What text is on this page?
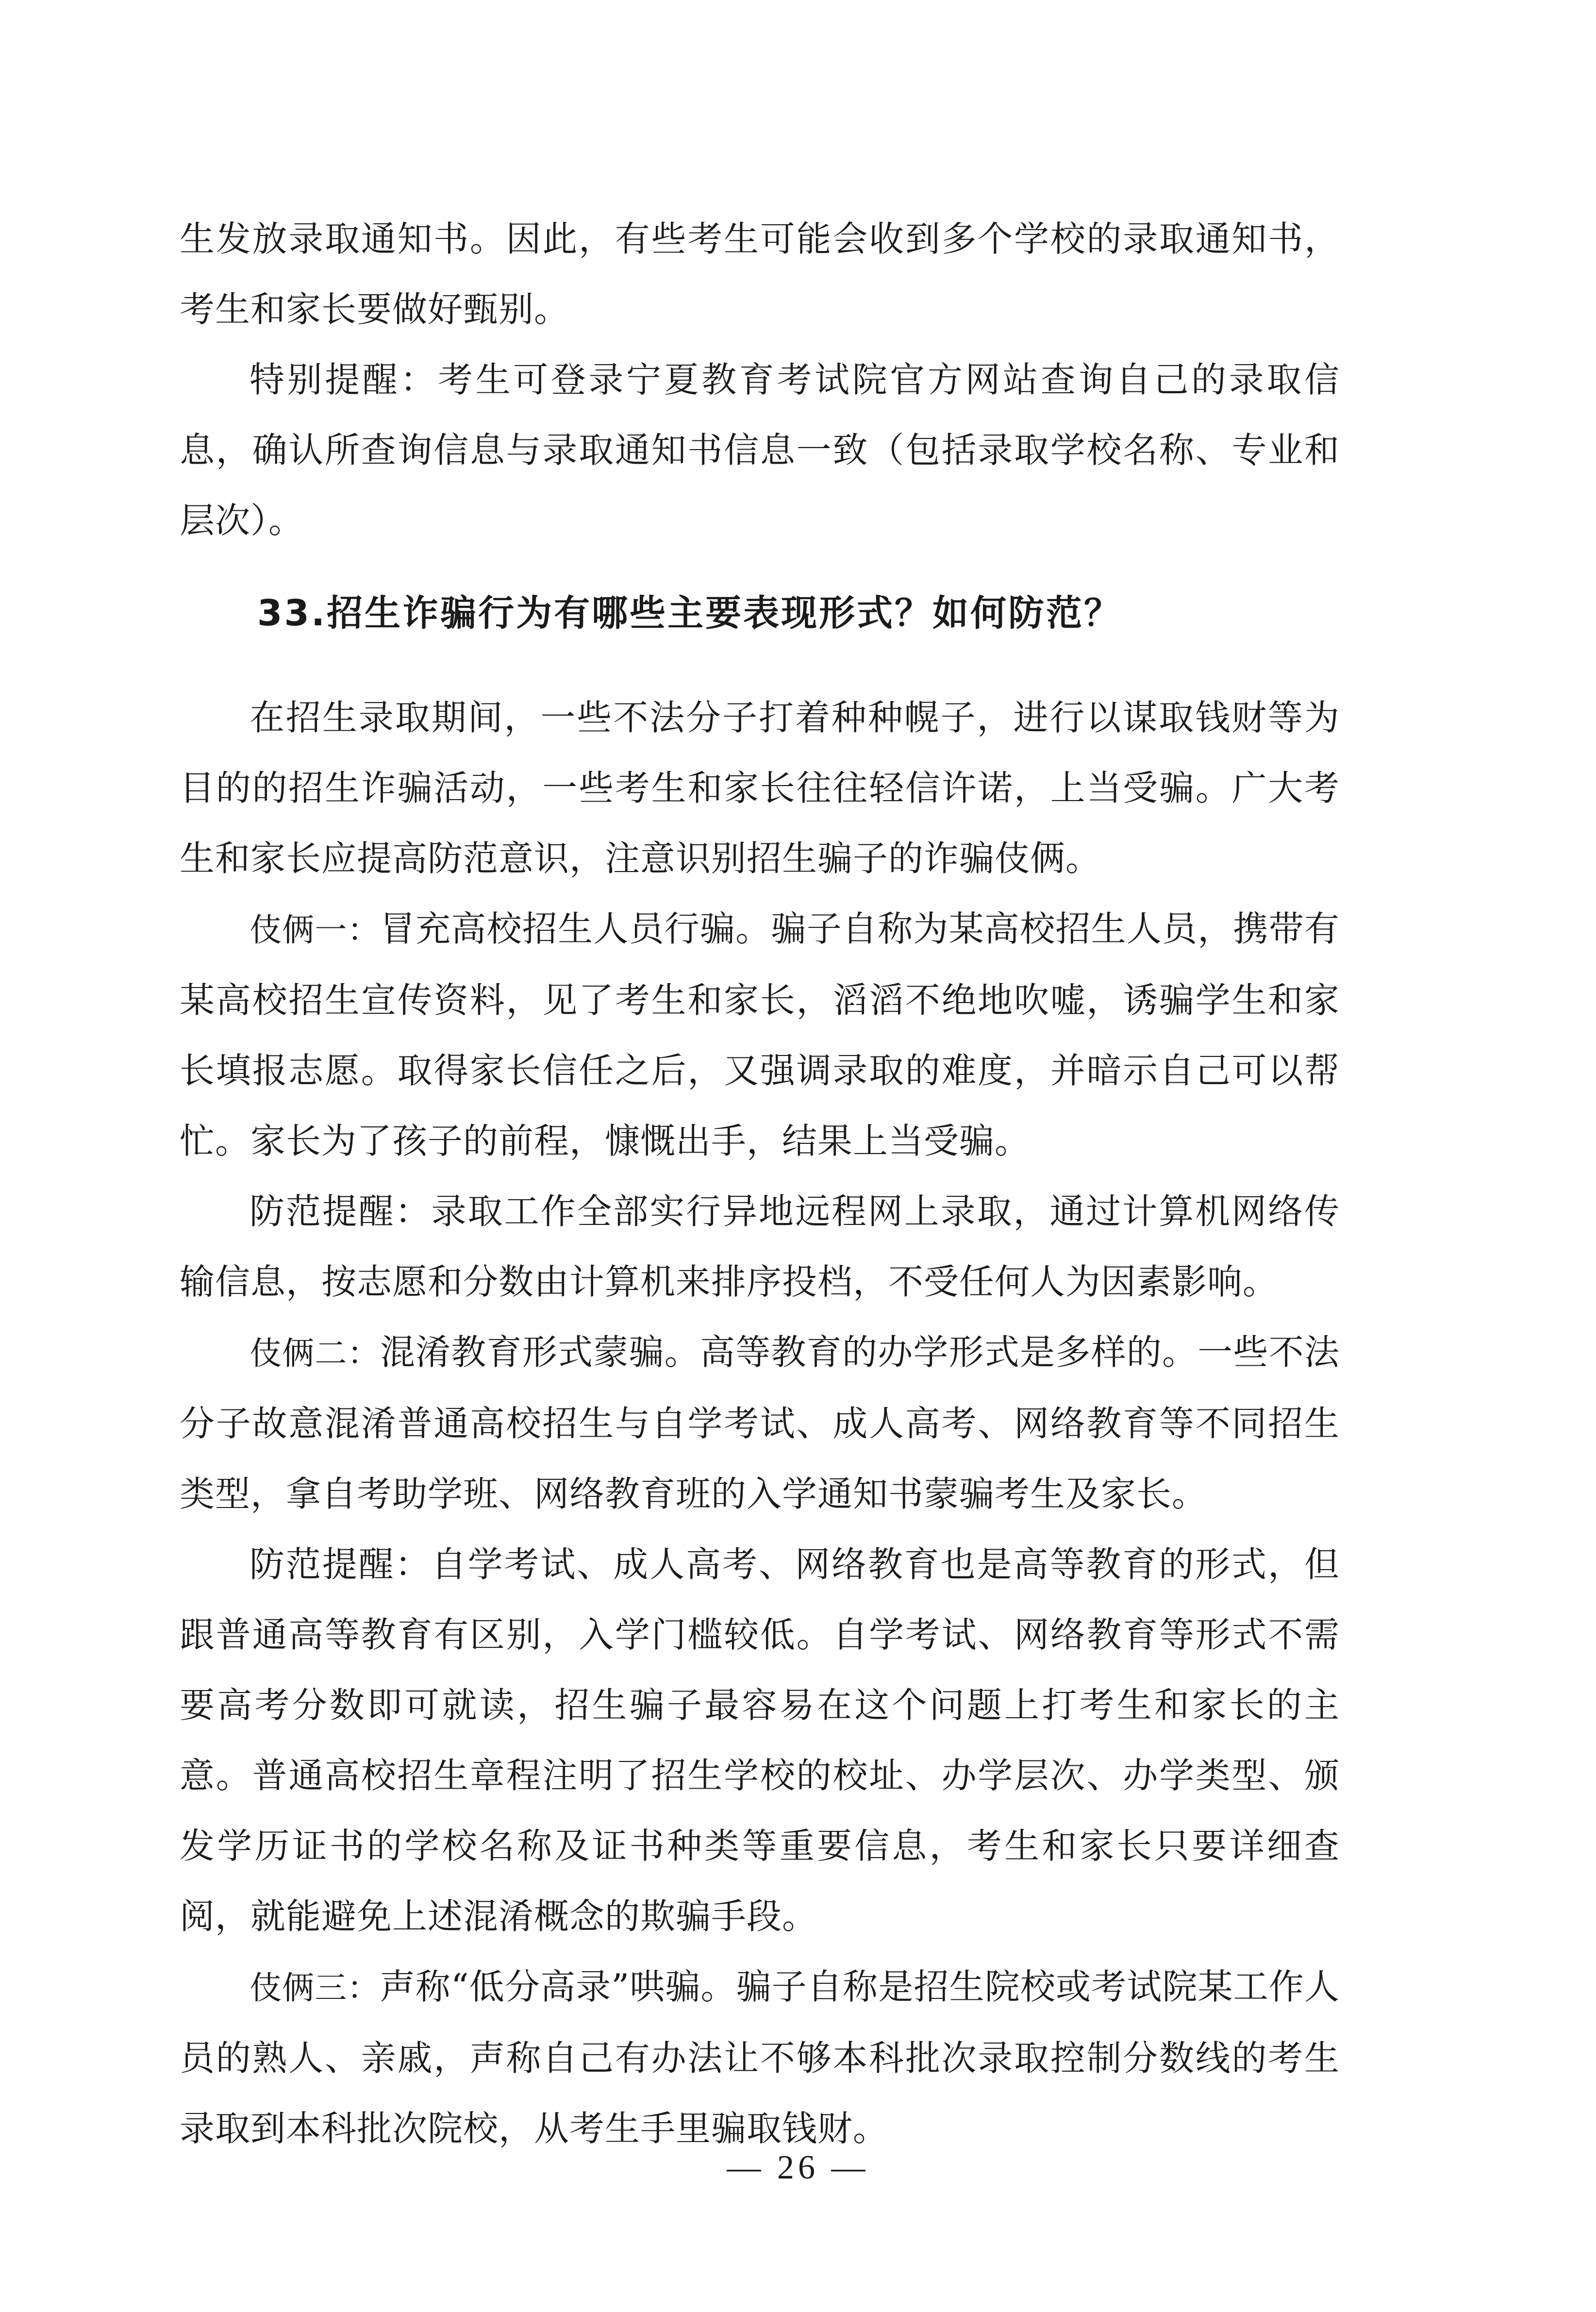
生发放录取通知书。因此，有些考生可能会收到多个学校的录取通知书，考生和家长要做好甄别。

特别提醒：考生可登录宁夏教育考试院官方网站查询自己的录取信息，确认所查询信息与录取通知书信息一致（包括录取学校名称、专业和层次）。

33.招生诈骗行为有哪些主要表现形式？如何防范？

在招生录取期间，一些不法分子打着种种幌子，进行以谋取钱财等为目的的招生诈骗活动，一些考生和家长往往轻信许诺，上当受骗。广大考生和家长应提高防范意识，注意识别招生骗子的诈骗伎俩。

伎俩一：冒充高校招生人员行骗。骗子自称为某高校招生人员，携带有某高校招生宣传资料，见了考生和家长，滔滔不绝地吹嘘，诱骗学生和家长填报志愿。取得家长信任之后，又强调录取的难度，并暗示自己可以帮忙。家长为了孩子的前程，慷慨出手，结果上当受骗。

防范提醒：录取工作全部实行异地远程网上录取，通过计算机网络传输信息，按志愿和分数由计算机来排序投档，不受任何人为因素影响。

伎俩二：混淆教育形式蒙骗。高等教育的办学形式是多样的。一些不法分子故意混淆普通高校招生与自学考试、成人高考、网络教育等不同招生类型，拿自考助学班、网络教育班的入学通知书蒙骗考生及家长。

防范提醒：自学考试、成人高考、网络教育也是高等教育的形式，但跟普通高等教育有区别，入学门槛较低。自学考试、网络教育等形式不需要高考分数即可就读，招生骗子最容易在这个问题上打考生和家长的主意。普通高校招生章程注明了招生学校的校址、办学层次、办学类型、颁发学历证书的学校名称及证书种类等重要信息，考生和家长只要详细查阅，就能避免上述混淆概念的欺骗手段。

伎俩三：声称“低分高录”哄骗。骗子自称是招生院校或考试院某工作人员的熟人、亲戚，声称自己有办法让不够本科批次录取控制分数线的考生录取到本科批次院校，从考生手里骗取钱财。

— 26 —
